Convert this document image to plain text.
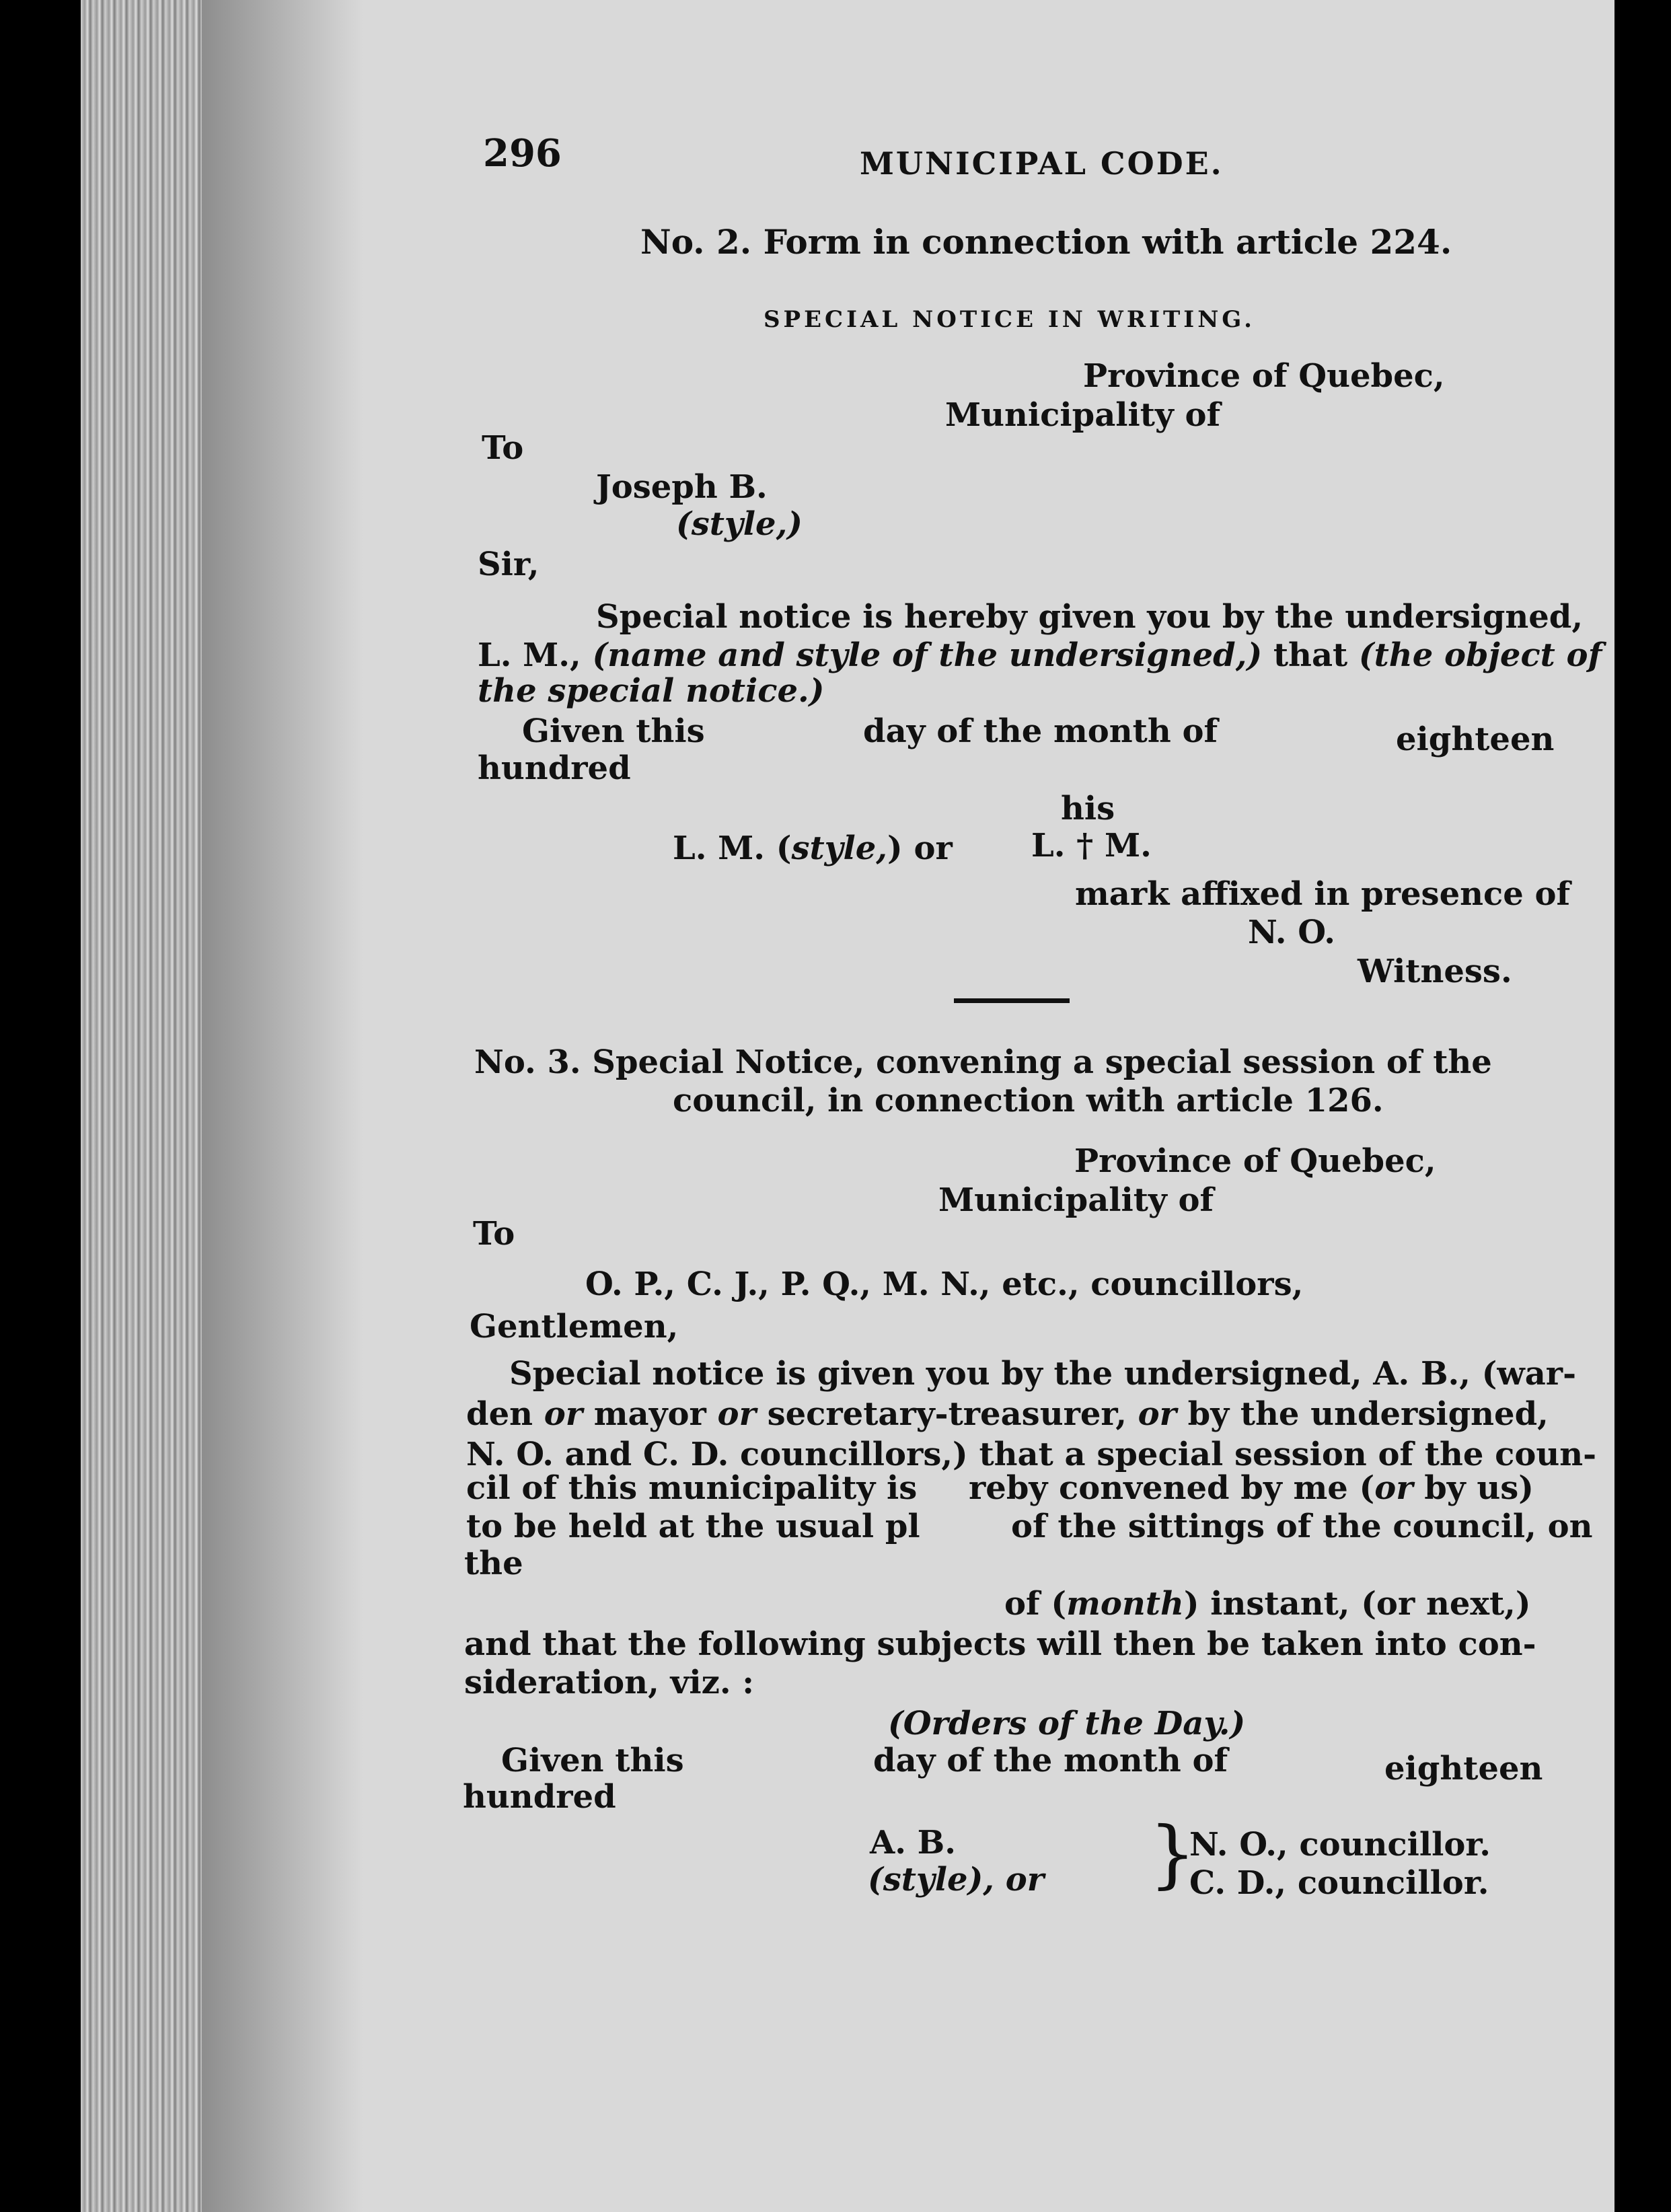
296	MUNICIPAL CODE.
No. 2. Form in connection with article 224.
SPECIAL NOTICE IN WRITING.
Province of Quebec,
Municipality of
To
Joseph B.
(style,)
Sir,
Special notice is hereby given you by the undersigned,
L. M., (name and style of the undersigned,) that (the object of
the special notice.)
Given this	day of the month of	eighteen
hundred
his
L. M. (style,) or L. † M.
mark affixed in presence of
N. O.
Witness.
No. 3. Special Notice, convening a special session of the
council, in connection with article 126.
Province of Quebec,
Municipality of
To
O. P., C. J., P. Q., M. N., etc., councillors,
Gentlemen,
Special notice is given you by the undersigned, A. B., (war-
den or mayor or secretary-treasurer, or by the undersigned,
N. O. and C. D. councillors,) that a special session of the coun-
cil of this municipality is reby convened by me (or by us)
to be held at the usual pl	of the sittings of the council, on
the
of (month) instant, (or next,)
and that the following subjects will then be taken into con-
sideration, viz. :
(Orders of the Day.)
Given this	day of the month of	eighteen
hundred
A. B.
(style), or }
N. O., councillor.
C. D., councillor.
